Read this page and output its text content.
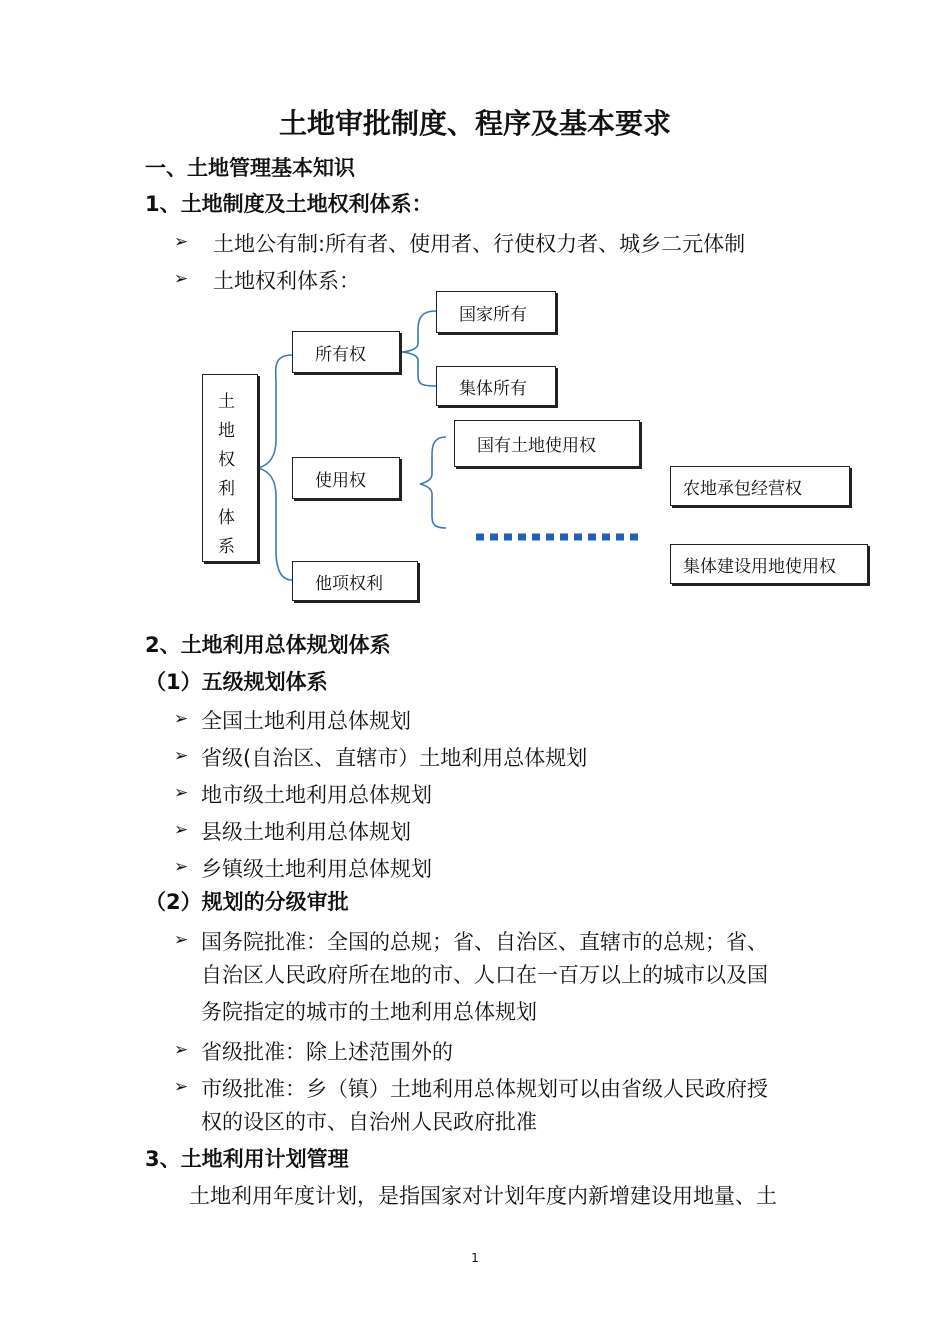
土地审批制度、程序及基本要求
一、土地管理基本知识
1、土地制度及土地权利体系：
➢ 土地公有制:所有者、使用者、行使权力者、城乡二元体制
➢ 土地权利体系：
土
地
权
利
体
系
所有权
国家所有
集体所有
使用权
国有土地使用权
农地承包经营权
集体建设用地使用权
他项权利
2、土地利用总体规划体系
（1）五级规划体系
➢ 全国土地利用总体规划
➢ 省级(自治区、直辖市）土地利用总体规划
➢ 地市级土地利用总体规划
➢ 县级土地利用总体规划
➢ 乡镇级土地利用总体规划
（2）规划的分级审批
➢ 国务院批准：全国的总规；省、自治区、直辖市的总规；省、
自治区人民政府所在地的市、人口在一百万以上的城市以及国
务院指定的城市的土地利用总体规划
➢ 省级批准：除上述范围外的
➢ 市级批准：乡（镇）土地利用总体规划可以由省级人民政府授
权的设区的市、自治州人民政府批准
3、土地利用计划管理
土地利用年度计划，是指国家对计划年度内新增建设用地量、土
1
